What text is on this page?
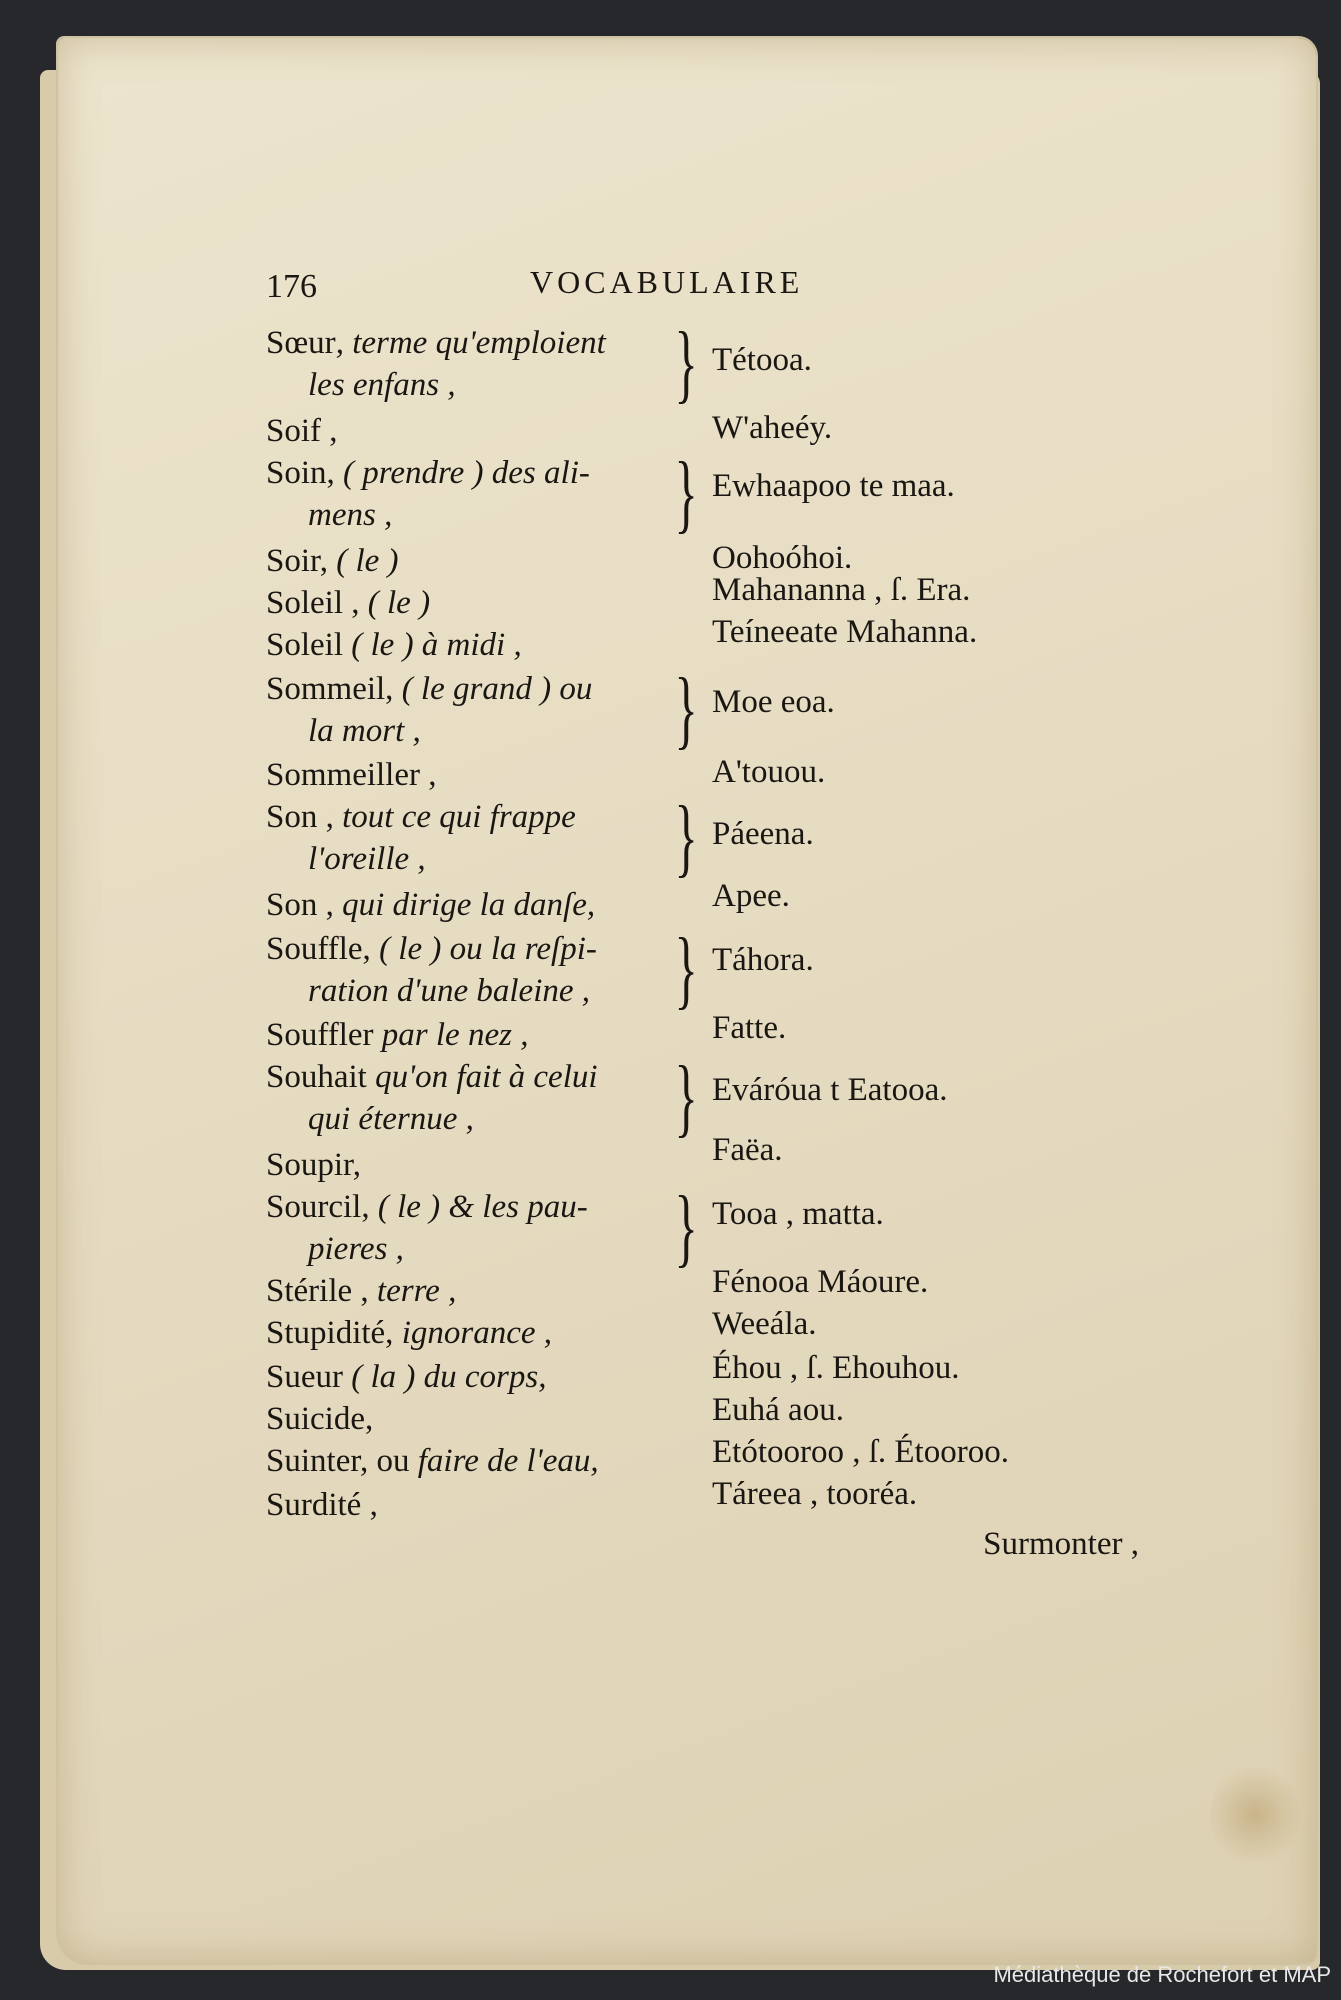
176	VOCABULAIRE
Sœur, terme qu'emploient
les enfans ,	} Tétooa.
Soif ,	W'aheéy.
Soin, ( prendre ) des ali-
mens ,	} Ewhaapoo te maa.
Soir, ( le )	Oohoóhoi.
Soleil , ( le )	Mahananna , ſ. Era.
Soleil ( le ) à midi ,	Teíneeate Mahanna.
Sommeil, ( le grand ) ou
la mort ,	} Moe eoa.
Sommeiller ,	A'touou.
Son , tout ce qui frappe
l'oreille ,	} Páeena.
Son , qui dirige la danſe,	Apee.
Souffle, ( le ) ou la reſpi-
ration d'une baleine , } Táhora.
Souffler par le nez ,	Fatte.
Souhait qu'on fait à celui
qui éternue ,	} Eváróua t Eatooa.
Soupir,	Faëa.
Sourcil, ( le ) & les pau-
pieres ,	} Tooa , matta.
Stérile , terre ,	Fénooa Máoure.
Stupidité, ignorance ,	Weeála.
Sueur ( la ) du corps,	Éhou , ſ. Ehouhou.
Suicide,	Euhá aou.
Suinter, ou faire de l'eau,	Etótooroo , ſ. Étooroo.
Surdité ,	Táreea , tooréa.
Surmonter ,
Médiathèque de Rochefort et MAP
